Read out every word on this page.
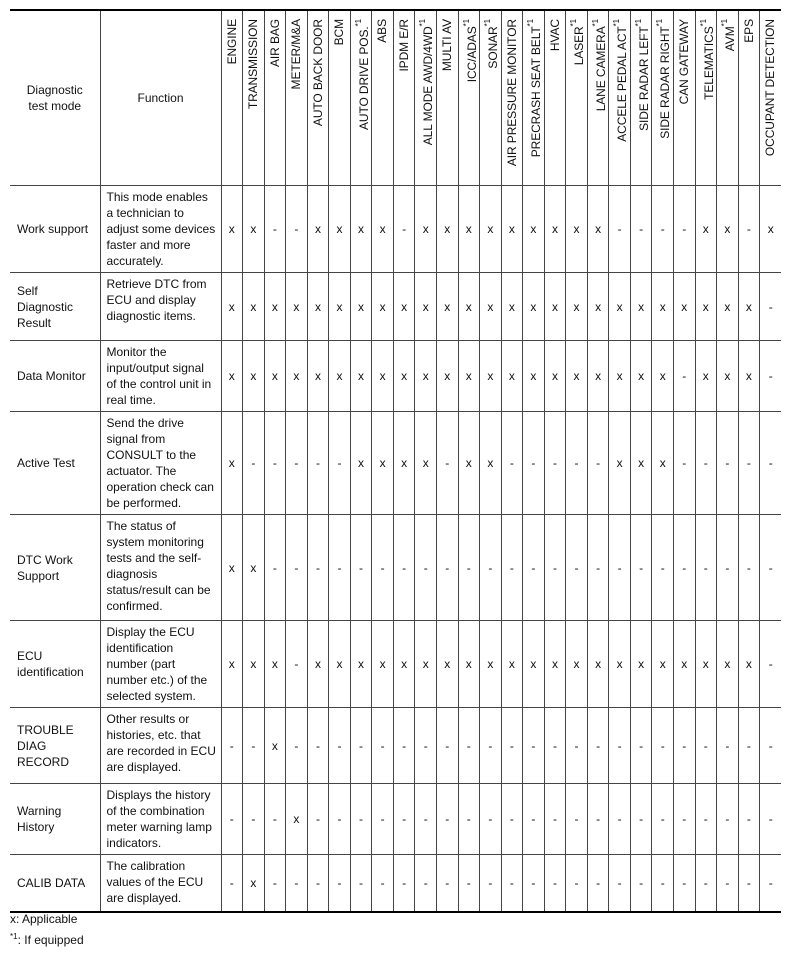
Diagnostic test mode	Function	ENGINE	TRANSMISSION	AIR BAG	METER/M&A	AUTO BACK DOOR	BCM	AUTO DRIVE POS.$^{*1}$	ABS	IPDM E/R	ALL MODE AWD/4WD$^{*1}$	MULTI AV	ICC/ADAS$^{*1}$	SONAR$^{*1}$	AIR PRESSURE MONITOR	PRECRASH SEAT BELT$^{*1}$	HVAC	LASER$^{*1}$	LANE CAMERA$^{*1}$	ACCELE PEDAL ACT$^{*1}$	SIDE RADAR LEFT$^{*1}$	SIDE RADAR RIGHT$^{*1}$	CAN GATEWAY	TELEMATICS$^{*1}$	AVM$^{*1}$	EPS	OCCUPANT DETECTION
Work support	This mode enables a technician to adjust some devices faster and more accurately.	x	x	-	-	x	x	x	x	-	x	x	x	x	x	x	x	x	x	-	-	-	-	x	x	-	x
Self Diagnostic Result	Retrieve DTC from ECU and display diagnostic items.	x	x	x	x	x	x	x	x	x	x	x	x	x	x	x	x	x	x	x	x	x	x	x	x	x	-
Data Monitor	Monitor the input/output signal of the control unit in real time.	x	x	x	x	x	x	x	x	x	x	x	x	x	x	x	x	x	x	x	x	x	-	x	x	x	-
Active Test	Send the drive signal from CONSULT to the actuator. The operation check can be performed.	x	-	-	-	-	-	x	x	x	x	-	x	x	-	-	-	-	-	x	x	x	-	-	-	-	-
DTC Work Support	The status of system monitoring tests and the self-diagnosis status/result can be confirmed.	x	x	-	-	-	-	-	-	-	-	-	-	-	-	-	-	-	-	-	-	-	-	-	-	-	-
ECU identification	Display the ECU identification number (part number etc.) of the selected system.	x	x	x	-	x	x	x	x	x	x	x	x	x	x	x	x	x	x	x	x	x	x	x	x	x	-
TROUBLE DIAG RECORD	Other results or histories, etc. that are recorded in ECU are displayed.	-	-	x	-	-	-	-	-	-	-	-	-	-	-	-	-	-	-	-	-	-	-	-	-	-	-
Warning History	Displays the history of the combination meter warning lamp indicators.	-	-	-	x	-	-	-	-	-	-	-	-	-	-	-	-	-	-	-	-	-	-	-	-	-	-
CALIB DATA	The calibration values of the ECU are displayed.	-	x	-	-	-	-	-	-	-	-	-	-	-	-	-	-	-	-	-	-	-	-	-	-	-	-
x: Applicable
$^{*1}$: If equipped
